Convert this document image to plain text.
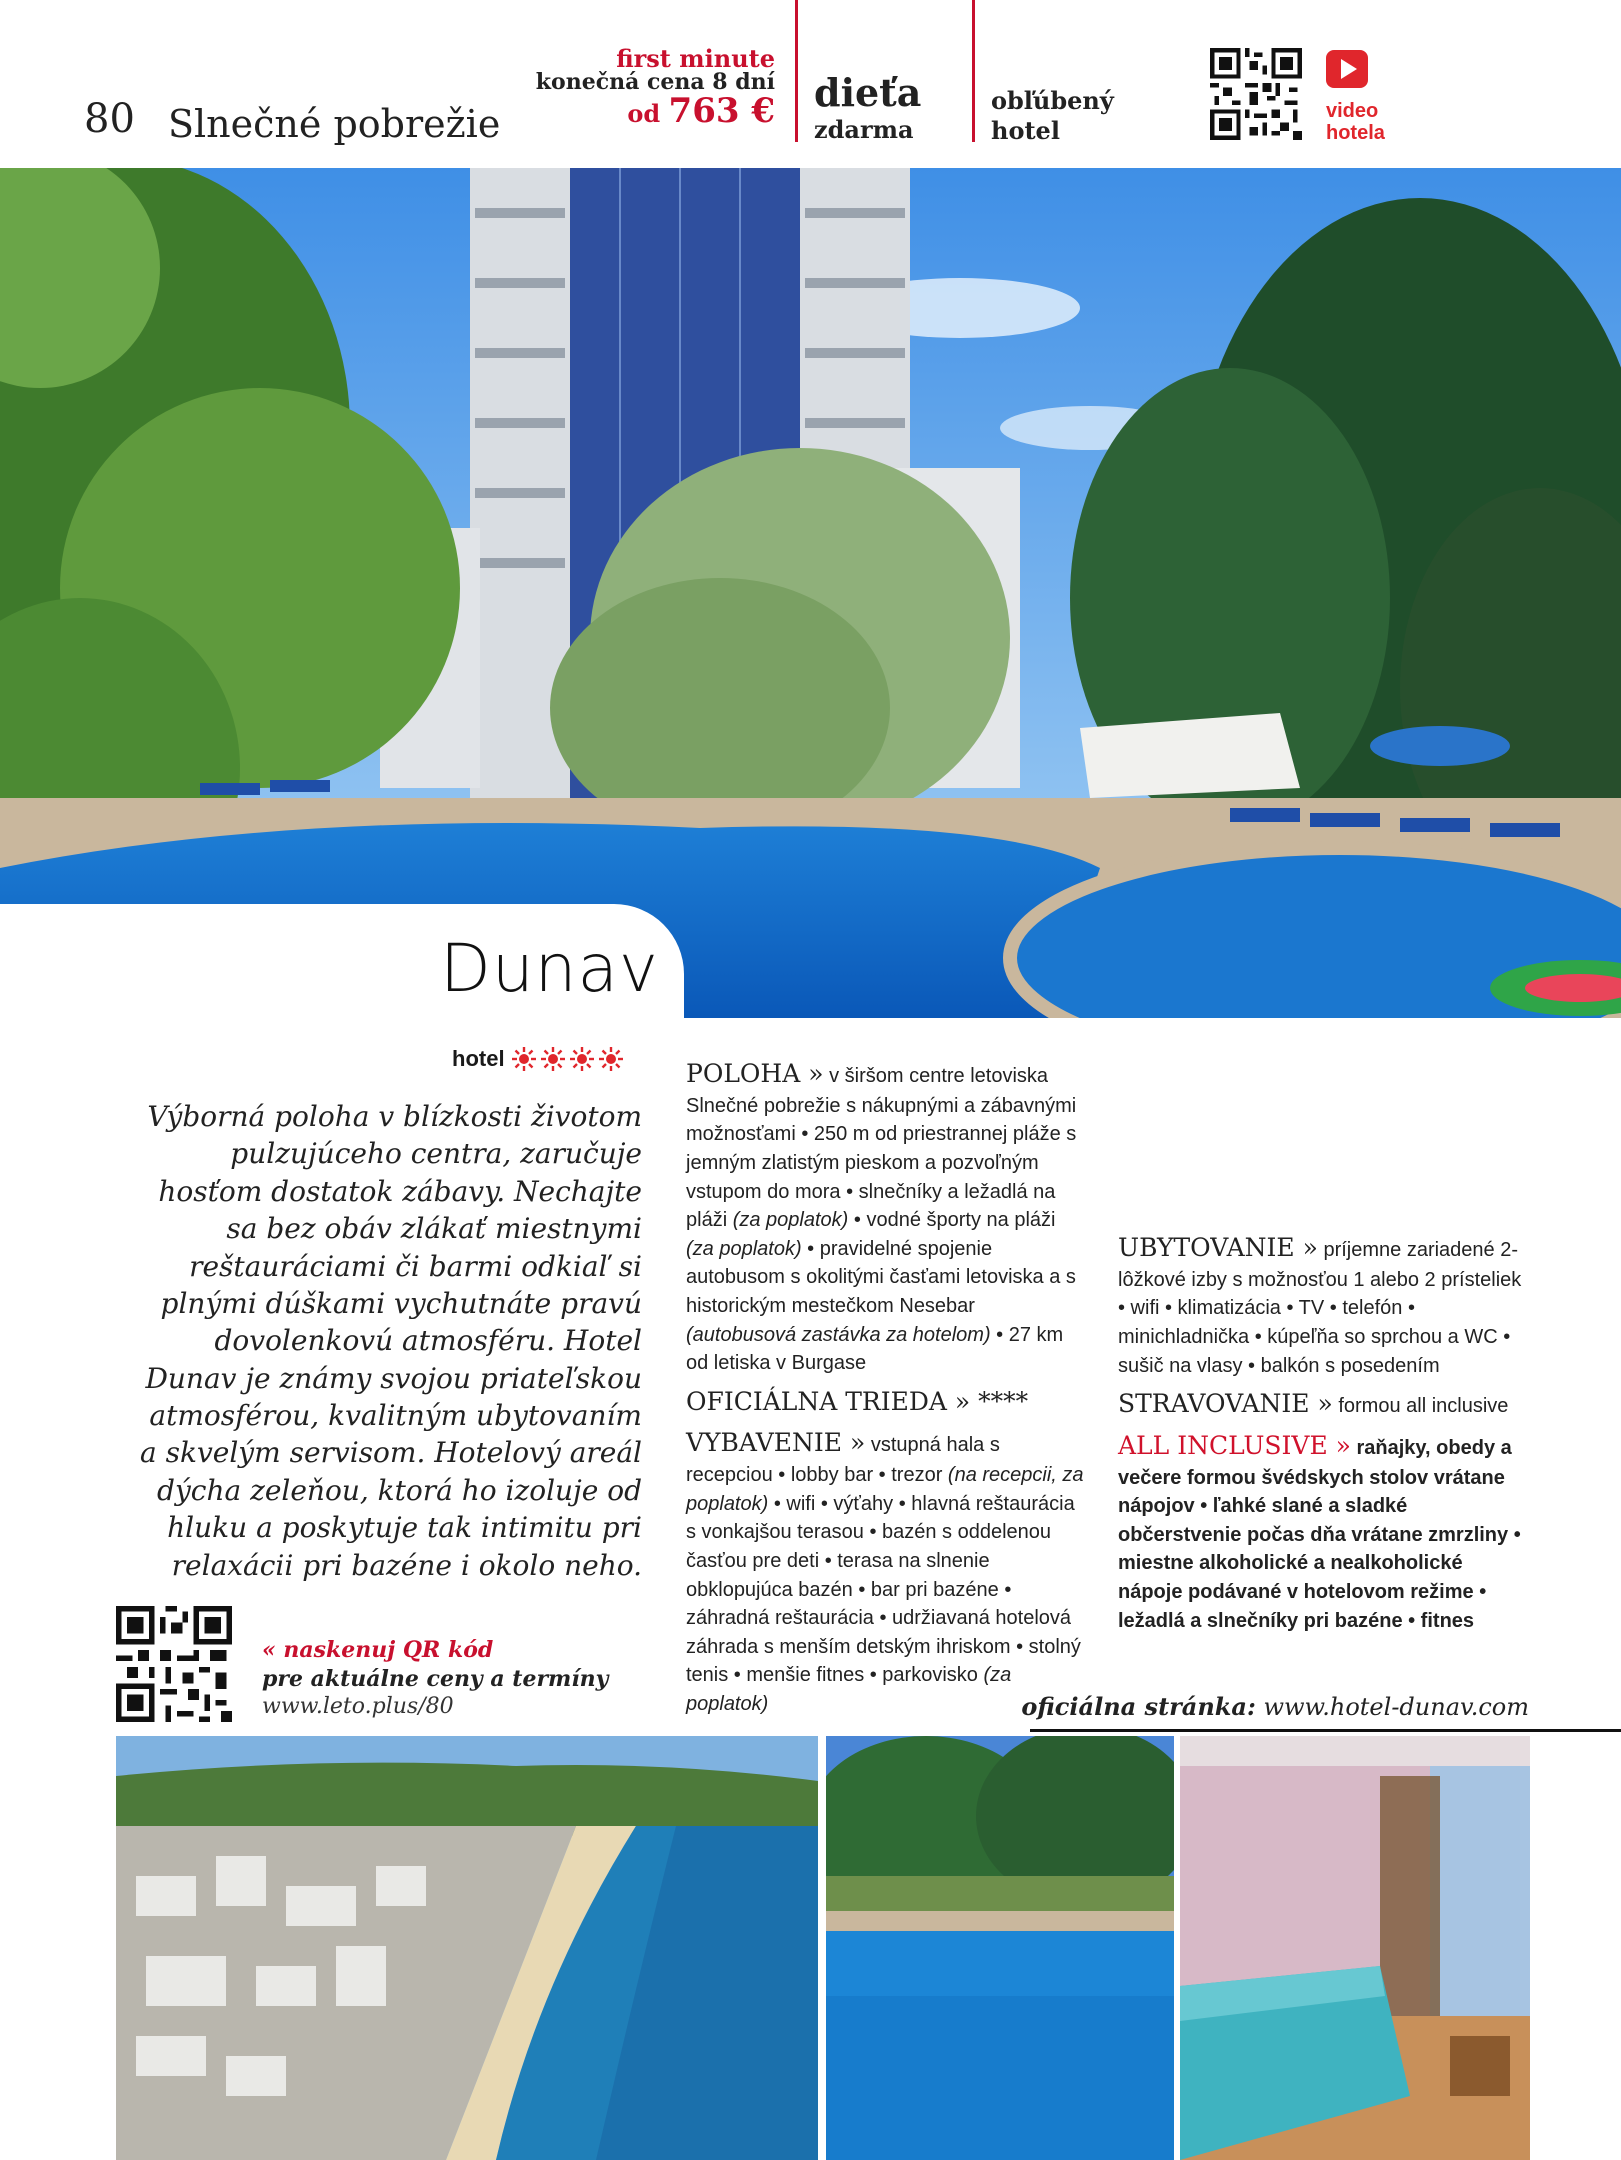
80 Slnečné pobrežie
first minute
konečná cena 8 dní
od 763 € dieťa
zdarma
obľúbený
hotel
video
hotela
Dunav
hotel
Výborná poloha v blízkosti životom pulzujúceho centra, zaručuje hosťom dostatok zábavy. Nechajte sa bez obáv zlákať miestnymi reštauráciami či barmi odkiaľ si plnými dúškami vychutnáte pravú dovolenkovú atmosféru. Hotel Dunav je známy svojou priateľskou atmosférou, kvalitným ubytovaním a skvelým servisom. Hotelový areál dýcha zeleňou, ktorá ho izoluje od hluku a poskytuje tak intimitu pri relaxácii pri bazéne i okolo neho.

POLOHA » v širšom centre letoviska Slnečné pobrežie s nákupnými a zábavnými možnosťami • 250 m od priestrannej pláže s jemným zlatistým pieskom a pozvoľným vstupom do mora • slnečníky a ležadlá na pláži (za poplatok) • vodné športy na pláži (za poplatok) • pravidelné spojenie autobusom s okolitými časťami letoviska a s historickým mestečkom Nesebar (autobusová zastávka za hotelom) • 27 km od letiska v Burgase

OFICIÁLNA TRIEDA » ****

VYBAVENIE » vstupná hala s recepciou • lobby bar • trezor (na recepcii, za poplatok) • wifi • výťahy • hlavná reštaurácia s vonkajšou terasou • bazén s oddelenou časťou pre deti • terasa na slnenie obklopujúca bazén • bar pri bazéne • záhradná reštaurácia • udržiavaná hotelová záhrada s menším detským ihriskom • stolný tenis • menšie fitnes • parkovisko (za poplatok)

UBYTOVANIE » príjemne zariadené 2-lôžkové izby s možnosťou 1 alebo 2 prísteliek • wifi • klimatizácia • TV • telefón • minichladnička • kúpeľňa so sprchou a WC • sušič na vlasy • balkón s posedením

STRAVOVANIE » formou all inclusive

ALL INCLUSIVE » raňajky, obedy a večere formou švédskych stolov vrátane nápojov • ľahké slané a sladké občerstvenie počas dňa vrátane zmrzliny • miestne alkoholické a nealkoholické nápoje podávané v hotelovom režime • ležadlá a slnečníky pri bazéne • fitnes

« naskenuj QR kód
pre aktuálne ceny a termíny
www.leto.plus/80	oficiálna stránka: www.hotel-dunav.com
